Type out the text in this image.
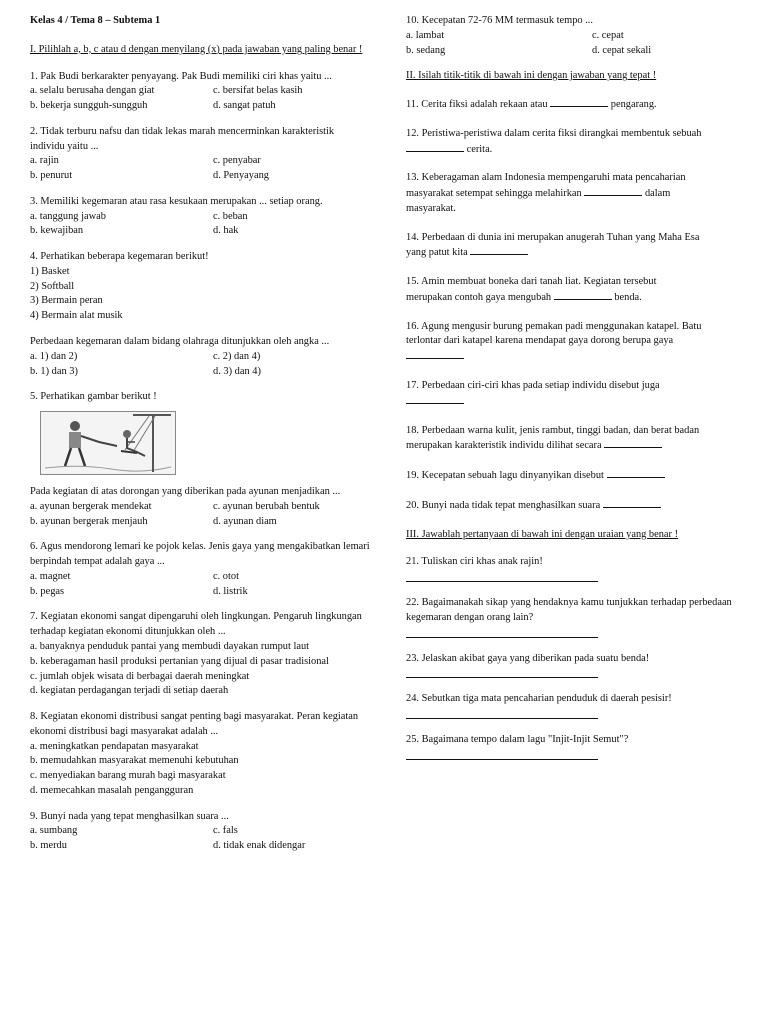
Kelas 4 / Tema 8 – Subtema 1
I. Pilihlah a, b, c atau d dengan menyilang (x) pada jawaban yang paling benar !
1. Pak Budi berkarakter penyayang. Pak Budi memiliki ciri khas yaitu ...
a. selalu berusaha dengan giat	c. bersifat belas kasih
b. bekerja sungguh-sungguh	d. sangat patuh
2. Tidak terburu nafsu dan tidak lekas marah mencerminkan karakteristik individu yaitu ...
a. rajin	c. penyabar
b. penurut	d. Penyayang
3. Memiliki kegemaran atau rasa kesukaan merupakan ... setiap orang.
a. tanggung jawab	c. beban
b. kewajiban	d. hak
4. Perhatikan beberapa kegemaran berikut!
1) Basket
2) Softball
3) Bermain peran
4) Bermain alat musik
Perbedaan kegemaran dalam bidang olahraga ditunjukkan oleh angka ...
a. 1) dan 2)	c. 2) dan 4)
b. 1) dan 3)	d. 3) dan 4)
5. Perhatikan gambar berikut !
Pada kegiatan di atas dorongan yang diberikan pada ayunan menjadikan ...
a. ayunan bergerak mendekat	c. ayunan berubah bentuk
b. ayunan bergerak menjauh	d. ayunan diam
6. Agus mendorong lemari ke pojok kelas. Jenis gaya yang mengakibatkan lemari berpindah tempat adalah gaya ...
a. magnet	c. otot
b. pegas	d. listrik
7. Kegiatan ekonomi sangat dipengaruhi oleh lingkungan. Pengaruh lingkungan terhadap kegiatan ekonomi ditunjukkan oleh ...
a. banyaknya penduduk pantai yang membudi dayakan rumput laut
b. keberagaman hasil produksi pertanian yang dijual di pasar tradisional
c. jumlah objek wisata di berbagai daerah meningkat
d. kegiatan perdagangan terjadi di setiap daerah
8. Kegiatan ekonomi distribusi sangat penting bagi masyarakat. Peran kegiatan ekonomi distribusi bagi masyarakat adalah ...
a. meningkatkan pendapatan masyarakat
b. memudahkan masyarakat memenuhi kebutuhan
c. menyediakan barang murah bagi masyarakat
d. memecahkan masalah pengangguran
9. Bunyi nada yang tepat menghasilkan suara ...
a. sumbang	c. fals
b. merdu	d. tidak enak didengar
10. Kecepatan 72-76 MM termasuk tempo ...
a. lambat	c. cepat
b. sedang	d. cepat sekali
II. Isilah titik-titik di bawah ini dengan jawaban yang tepat !
11. Cerita fiksi adalah rekaan atau	pengarang.
12. Peristiwa-peristiwa dalam cerita fiksi dirangkai membentuk sebuah
cerita.
13. Keberagaman alam Indonesia mempengaruhi mata pencaharian
masyarakat setempat sehingga melahirkan	dalam
masyarakat.
14. Perbedaan di dunia ini merupakan anugerah Tuhan yang Maha Esa
yang patut kita
15. Amin membuat boneka dari tanah liat. Kegiatan tersebut
merupakan contoh gaya mengubah	benda.
16. Agung mengusir burung pemakan padi menggunakan katapel. Batu
terlontar dari katapel karena mendapat gaya dorong berupa gaya
17. Perbedaan ciri-ciri khas pada setiap individu disebut juga
18. Perbedaan warna kulit, jenis rambut, tinggi badan, dan berat badan
merupakan karakteristik individu dilihat secara
19. Kecepatan sebuah lagu dinyanyikan disebut
20. Bunyi nada tidak tepat menghasilkan suara
III. Jawablah pertanyaan di bawah ini dengan uraian yang benar !
21. Tuliskan ciri khas anak rajin!
22. Bagaimanakah sikap yang hendaknya kamu tunjukkan terhadap perbedaan kegemaran dengan orang lain?
23. Jelaskan akibat gaya yang diberikan pada suatu benda!
24. Sebutkan tiga mata pencaharian penduduk di daerah pesisir!
25. Bagaimana tempo dalam lagu "Injit-Injit Semut"?
